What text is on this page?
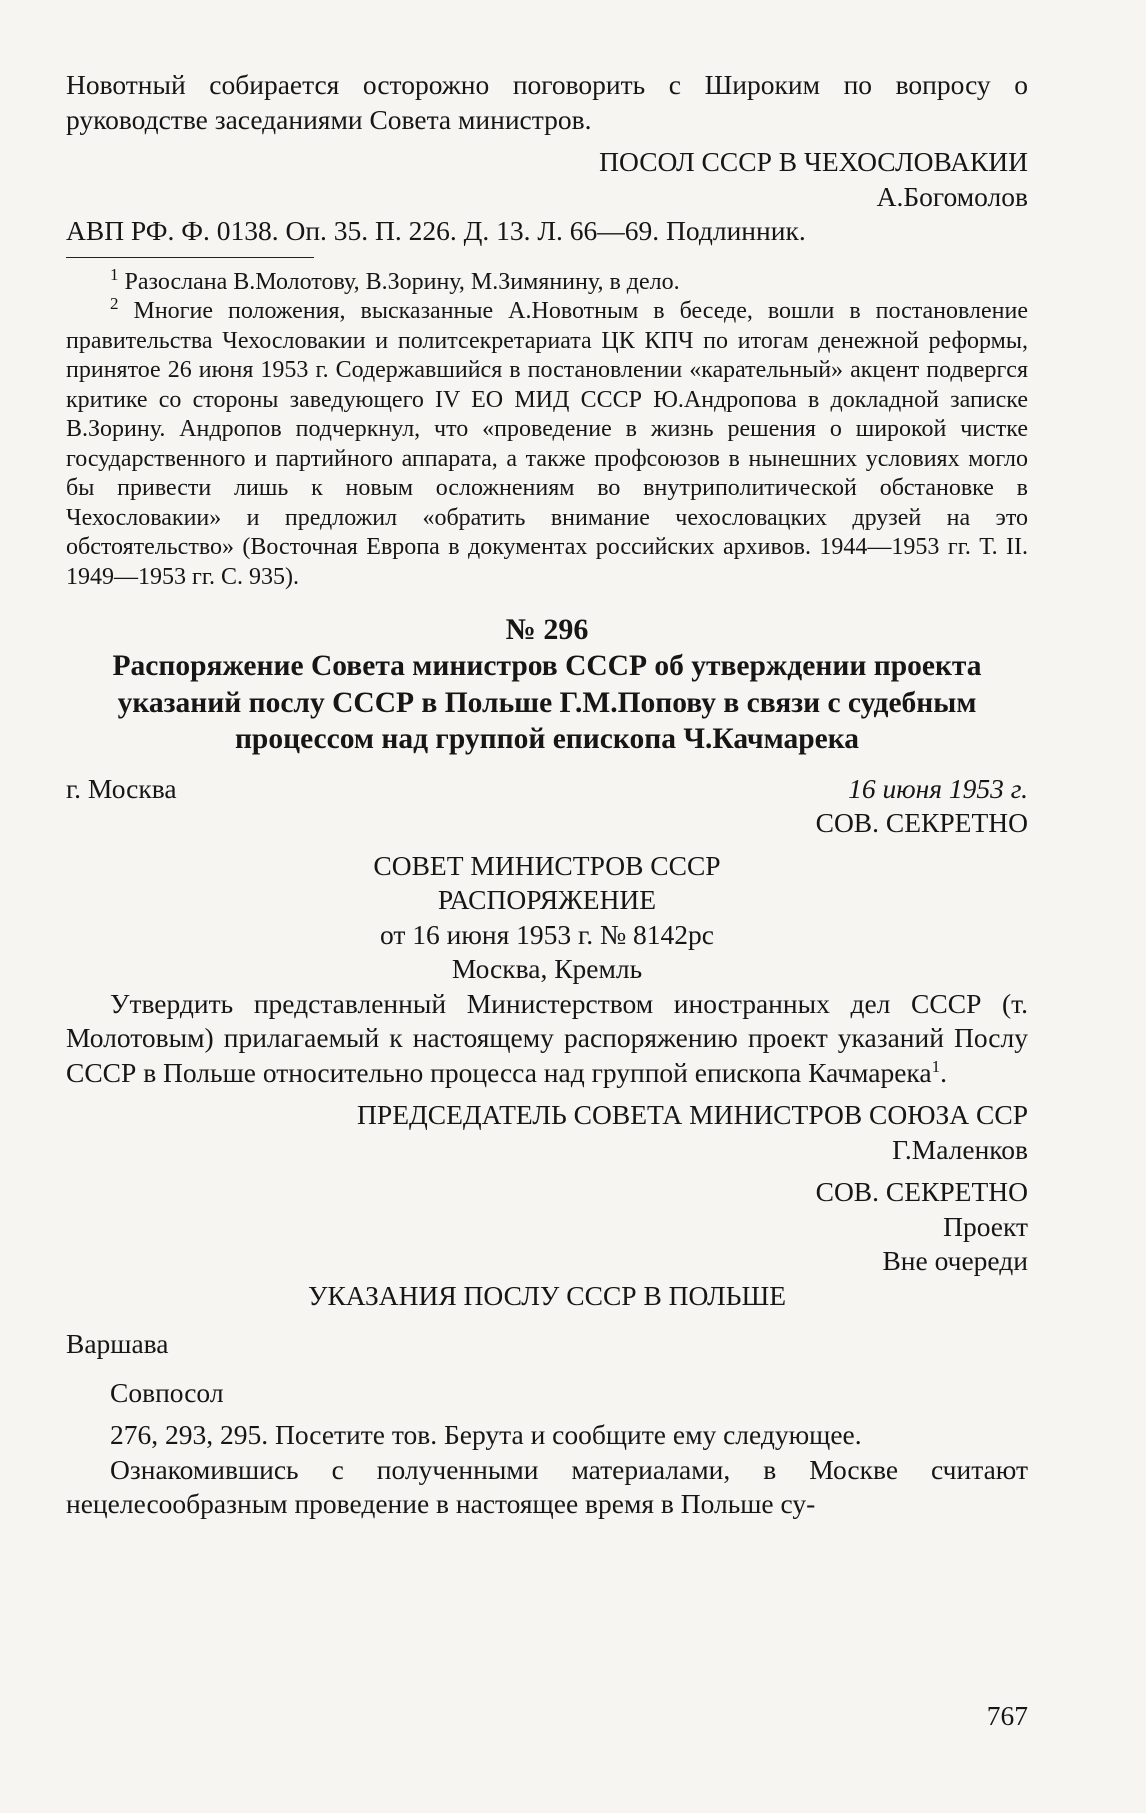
Новотный собирается осторожно поговорить с Широким по вопросу о руководстве заседаниями Совета министров.

ПОСОЛ СССР В ЧЕХОСЛОВАКИИ

А.Богомолов

АВП РФ. Ф. 0138. Оп. 35. П. 226. Д. 13. Л. 66—69. Подлинник.

$^1$ Разослана В.Молотову, В.Зорину, М.Зимянину, в дело.

$^2$ Многие положения, высказанные А.Новотным в беседе, вошли в постановление правительства Чехословакии и политсекретариата ЦК КПЧ по итогам денежной реформы, принятое 26 июня 1953 г. Содержавшийся в постановлении «карательный» акцент подвергся критике со стороны заведующего IV ЕО МИД СССР Ю.Андропова в докладной записке В.Зорину. Андропов подчеркнул, что «проведение в жизнь решения о широкой чистке государственного и партийного аппарата, а также профсоюзов в нынешних условиях могло бы привести лишь к новым осложнениям во внутриполитической обстановке в Чехословакии» и предложил «обратить внимание чехословацких друзей на это обстоятельство» (Восточная Европа в документах российских архивов. 1944—1953 гг. Т. II. 1949—1953 гг. С. 935).

№ 296
Распоряжение Совета министров СССР об утверждении проекта указаний послу СССР в Польше Г.М.Попову в связи с судебным процессом над группой епископа Ч.Качмарека
г. Москва	16 июня 1953 г.

СОВ. СЕКРЕТНО

СОВЕТ МИНИСТРОВ СССР

РАСПОРЯЖЕНИЕ

от 16 июня 1953 г. № 8142рс

Москва, Кремль

Утвердить представленный Министерством иностранных дел СССР (т. Молотовым) прилагаемый к настоящему распоряжению проект указаний Послу СССР в Польше относительно процесса над группой епископа Качмарека$^1$.

ПРЕДСЕДАТЕЛЬ СОВЕТА МИНИСТРОВ СОЮЗА ССР

Г.Маленков

СОВ. СЕКРЕТНО

Проект

Вне очереди

УКАЗАНИЯ ПОСЛУ СССР В ПОЛЬШЕ

Варшава

Совпосол

276, 293, 295. Посетите тов. Берута и сообщите ему следующее.

Ознакомившись с полученными материалами, в Москве считают нецелесообразным проведение в настоящее время в Польше су-

767
